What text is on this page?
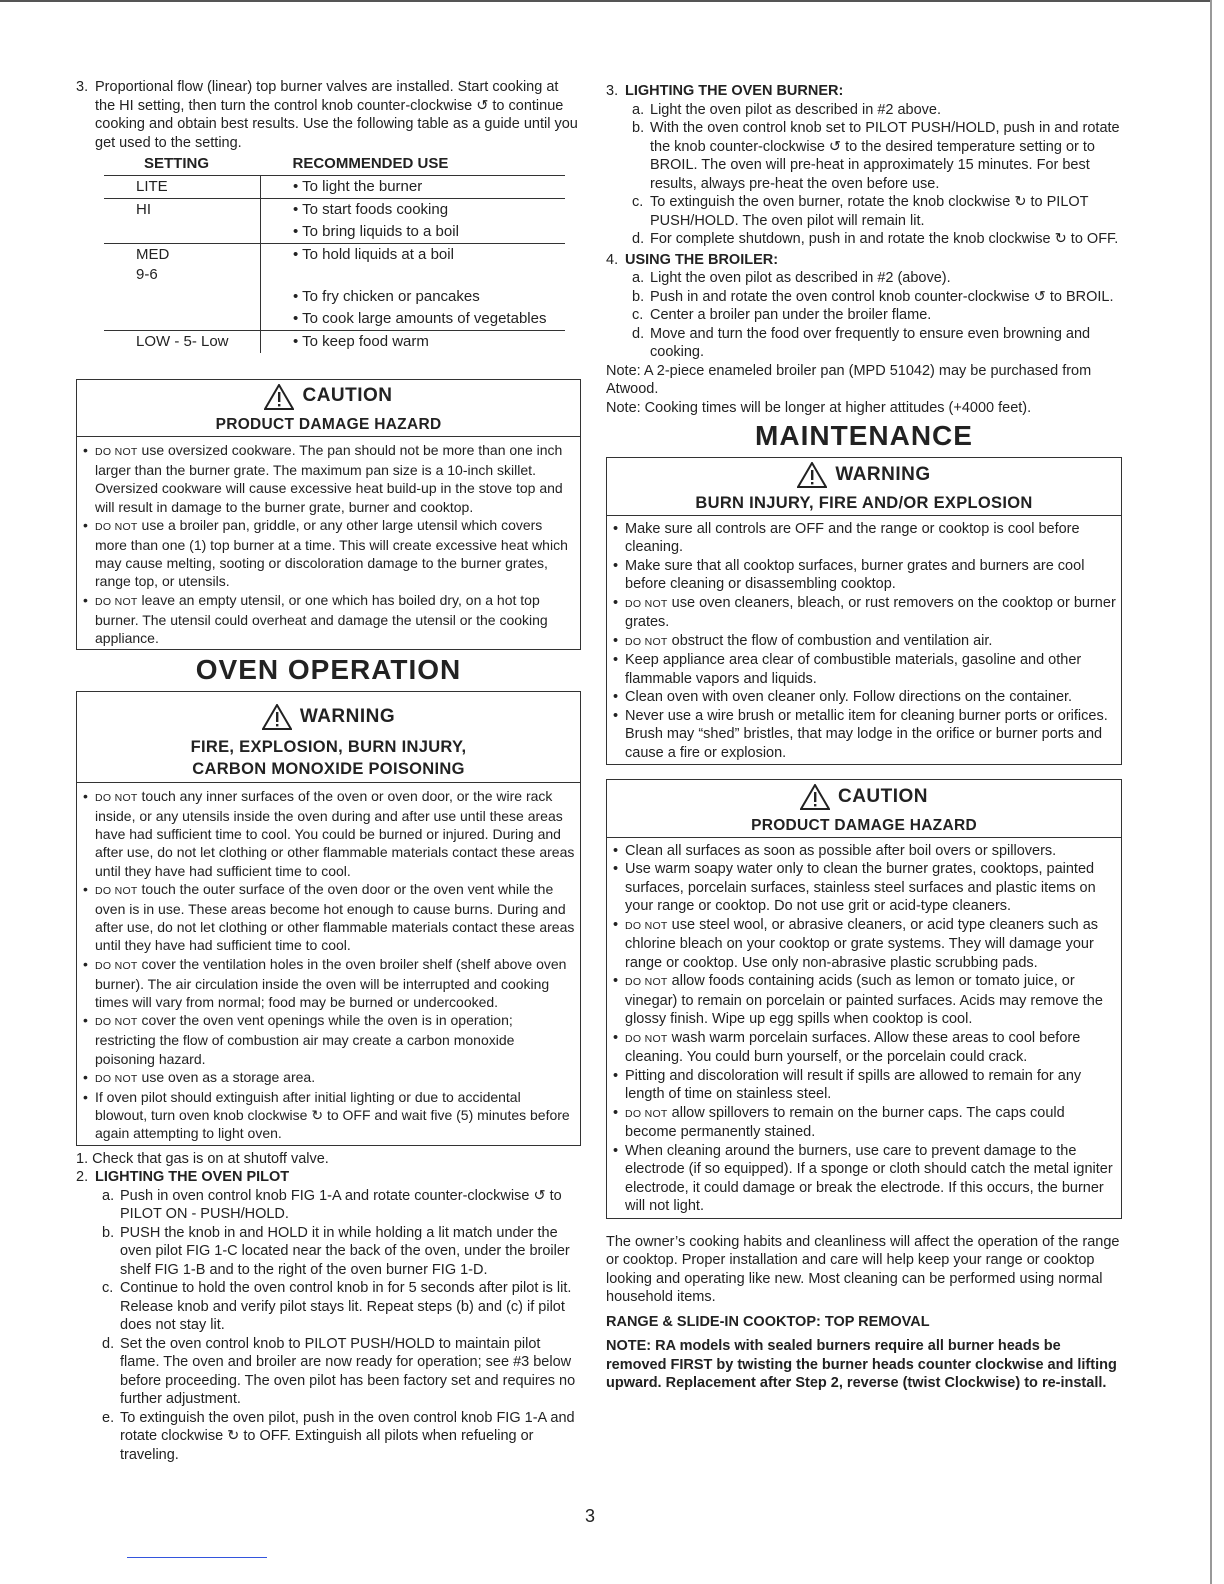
3. Proportional flow (linear) top burner valves are installed. Start cooking at the HI setting, then turn the control knob counter-clockwise ↺ to continue cooking and obtain best results. Use the following table as a guide until you get used to the setting.
SETTING	RECOMMENDED USE
LITE	• To light the burner
HI	• To start foods cooking
	• To bring liquids to a boil
MED
9-6	• To hold liquids at a boil
	• To fry chicken or pancakes
	• To cook large amounts of vegetables
LOW - 5- Low	• To keep food warm
CAUTION
PRODUCT DAMAGE HAZARD
• DO NOT use oversized cookware. The pan should not be more than one inch larger than the burner grate. The maximum pan size is a 10-inch skillet. Oversized cookware will cause excessive heat build-up in the stove top and will result in damage to the burner grate, burner and cooktop.
• DO NOT use a broiler pan, griddle, or any other large utensil which covers more than one (1) top burner at a time. This will create excessive heat which may cause melting, sooting or discoloration damage to the burner grates, range top, or utensils.
• DO NOT leave an empty utensil, or one which has boiled dry, on a hot top burner. The utensil could overheat and damage the utensil or the cooking appliance.
OVEN OPERATION
WARNING
FIRE, EXPLOSION, BURN INJURY,
CARBON MONOXIDE POISONING
• DO NOT touch any inner surfaces of the oven or oven door, or the wire rack inside, or any utensils inside the oven during and after use until these areas have had sufficient time to cool. You could be burned or injured. During and after use, do not let clothing or other flammable materials contact these areas until they have had sufficient time to cool.
• DO NOT touch the outer surface of the oven door or the oven vent while the oven is in use. These areas become hot enough to cause burns. During and after use, do not let clothing or other flammable materials contact these areas until they have had sufficient time to cool.
• DO NOT cover the ventilation holes in the oven broiler shelf (shelf above oven burner). The air circulation inside the oven will be interrupted and cooking times will vary from normal; food may be burned or undercooked.
• DO NOT cover the oven vent openings while the oven is in operation; restricting the flow of combustion air may create a carbon monoxide poisoning hazard.
• DO NOT use oven as a storage area.
• If oven pilot should extinguish after initial lighting or due to accidental blowout, turn oven knob clockwise ↻ to OFF and wait five (5) minutes before again attempting to light oven.
1. Check that gas is on at shutoff valve.
2. LIGHTING THE OVEN PILOT
a. Push in oven control knob FIG 1-A and rotate counter-clockwise ↺ to PILOT ON - PUSH/HOLD.
b. PUSH the knob in and HOLD it in while holding a lit match under the oven pilot FIG 1-C located near the back of the oven, under the broiler shelf FIG 1-B and to the right of the oven burner FIG 1-D.
c. Continue to hold the oven control knob in for 5 seconds after pilot is lit. Release knob and verify pilot stays lit. Repeat steps (b) and (c) if pilot does not stay lit.
d. Set the oven control knob to PILOT PUSH/HOLD to maintain pilot flame. The oven and broiler are now ready for operation; see #3 below before proceeding. The oven pilot has been factory set and requires no further adjustment.
e. To extinguish the oven pilot, push in the oven control knob FIG 1-A and rotate clockwise ↻ to OFF. Extinguish all pilots when refueling or traveling.
3. LIGHTING THE OVEN BURNER:
a. Light the oven pilot as described in #2 above.
b. With the oven control knob set to PILOT PUSH/HOLD, push in and rotate the knob counter-clockwise ↺ to the desired temperature setting or to BROIL. The oven will pre-heat in approximately 15 minutes. For best results, always pre-heat the oven before use.
c. To extinguish the oven burner, rotate the knob clockwise ↻ to PILOT PUSH/HOLD. The oven pilot will remain lit.
d. For complete shutdown, push in and rotate the knob clockwise ↻ to OFF.
4. USING THE BROILER:
a. Light the oven pilot as described in #2 (above).
b. Push in and rotate the oven control knob counter-clockwise ↺ to BROIL.
c. Center a broiler pan under the broiler flame.
d. Move and turn the food over frequently to ensure even browning and cooking.
Note: A 2-piece enameled broiler pan (MPD 51042) may be purchased from Atwood.
Note: Cooking times will be longer at higher attitudes (+4000 feet).
MAINTENANCE
WARNING
BURN INJURY, FIRE AND/OR EXPLOSION
• Make sure all controls are OFF and the range or cooktop is cool before cleaning.
• Make sure that all cooktop surfaces, burner grates and burners are cool before cleaning or disassembling cooktop.
• DO NOT use oven cleaners, bleach, or rust removers on the cooktop or burner grates.
• DO NOT obstruct the flow of combustion and ventilation air.
• Keep appliance area clear of combustible materials, gasoline and other flammable vapors and liquids.
• Clean oven with oven cleaner only. Follow directions on the container.
• Never use a wire brush or metallic item for cleaning burner ports or orifices. Brush may “shed” bristles, that may lodge in the orifice or burner ports and cause a fire or explosion.
CAUTION
PRODUCT DAMAGE HAZARD
• Clean all surfaces as soon as possible after boil overs or spillovers.
• Use warm soapy water only to clean the burner grates, cooktops, painted surfaces, porcelain surfaces, stainless steel surfaces and plastic items on your range or cooktop. Do not use grit or acid-type cleaners.
• DO NOT use steel wool, or abrasive cleaners, or acid type cleaners such as chlorine bleach on your cooktop or grate systems. They will damage your range or cooktop. Use only non-abrasive plastic scrubbing pads.
• DO NOT allow foods containing acids (such as lemon or tomato juice, or vinegar) to remain on porcelain or painted surfaces. Acids may remove the glossy finish. Wipe up egg spills when cooktop is cool.
• DO NOT wash warm porcelain surfaces. Allow these areas to cool before cleaning. You could burn yourself, or the porcelain could crack.
• Pitting and discoloration will result if spills are allowed to remain for any length of time on stainless steel.
• DO NOT allow spillovers to remain on the burner caps. The caps could become permanently stained.
• When cleaning around the burners, use care to prevent damage to the electrode (if so equipped). If a sponge or cloth should catch the metal igniter electrode, it could damage or break the electrode. If this occurs, the burner will not light.
The owner’s cooking habits and cleanliness will affect the operation of the range or cooktop. Proper installation and care will help keep your range or cooktop looking and operating like new. Most cleaning can be performed using normal household items.
RANGE & SLIDE-IN COOKTOP: TOP REMOVAL
NOTE: RA models with sealed burners require all burner heads be removed FIRST by twisting the burner heads counter clockwise and lifting upward. Replacement after Step 2, reverse (twist Clockwise) to re-install.
3
